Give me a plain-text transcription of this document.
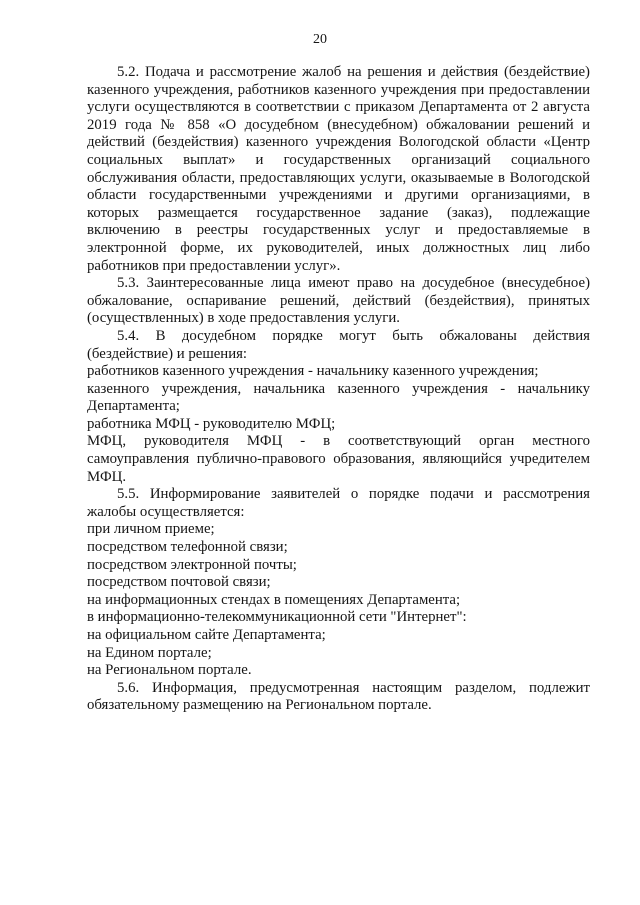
20

5.2. Подача и рассмотрение жалоб на решения и действия (бездействие) казенного учреждения, работников казенного учреждения при предоставлении услуги осуществляются в соответствии с приказом Департамента от 2 августа 2019 года № 858 «О досудебном (внесудебном) обжаловании решений и действий (бездействия) казенного учреждения Вологодской области «Центр социальных выплат» и государственных организаций социального обслуживания области, предоставляющих услуги, оказываемые в Вологодской области государственными учреждениями и другими организациями, в которых размещается государственное задание (заказ), подлежащие включению в реестры государственных услуг и предоставляемые в электронной форме, их руководителей, иных должностных лиц либо работников при предоставлении услуг».

5.3. Заинтересованные лица имеют право на досудебное (внесудебное) обжалование, оспаривание решений, действий (бездействия), принятых (осуществленных) в ходе предоставления услуги.

5.4. В досудебном порядке могут быть обжалованы действия (бездействие) и решения:

работников казенного учреждения - начальнику казенного учреждения;

казенного учреждения, начальника казенного учреждения - начальнику Департамента;

работника МФЦ - руководителю МФЦ;

МФЦ, руководителя МФЦ - в соответствующий орган местного самоуправления публично-правового образования, являющийся учредителем МФЦ.

5.5. Информирование заявителей о порядке подачи и рассмотрения жалобы осуществляется:

при личном приеме;

посредством телефонной связи;

посредством электронной почты;

посредством почтовой связи;

на информационных стендах в помещениях Департамента;

в информационно-телекоммуникационной сети "Интернет":

на официальном сайте Департамента;

на Едином портале;

на Региональном портале.

5.6. Информация, предусмотренная настоящим разделом, подлежит обязательному размещению на Региональном портале.
